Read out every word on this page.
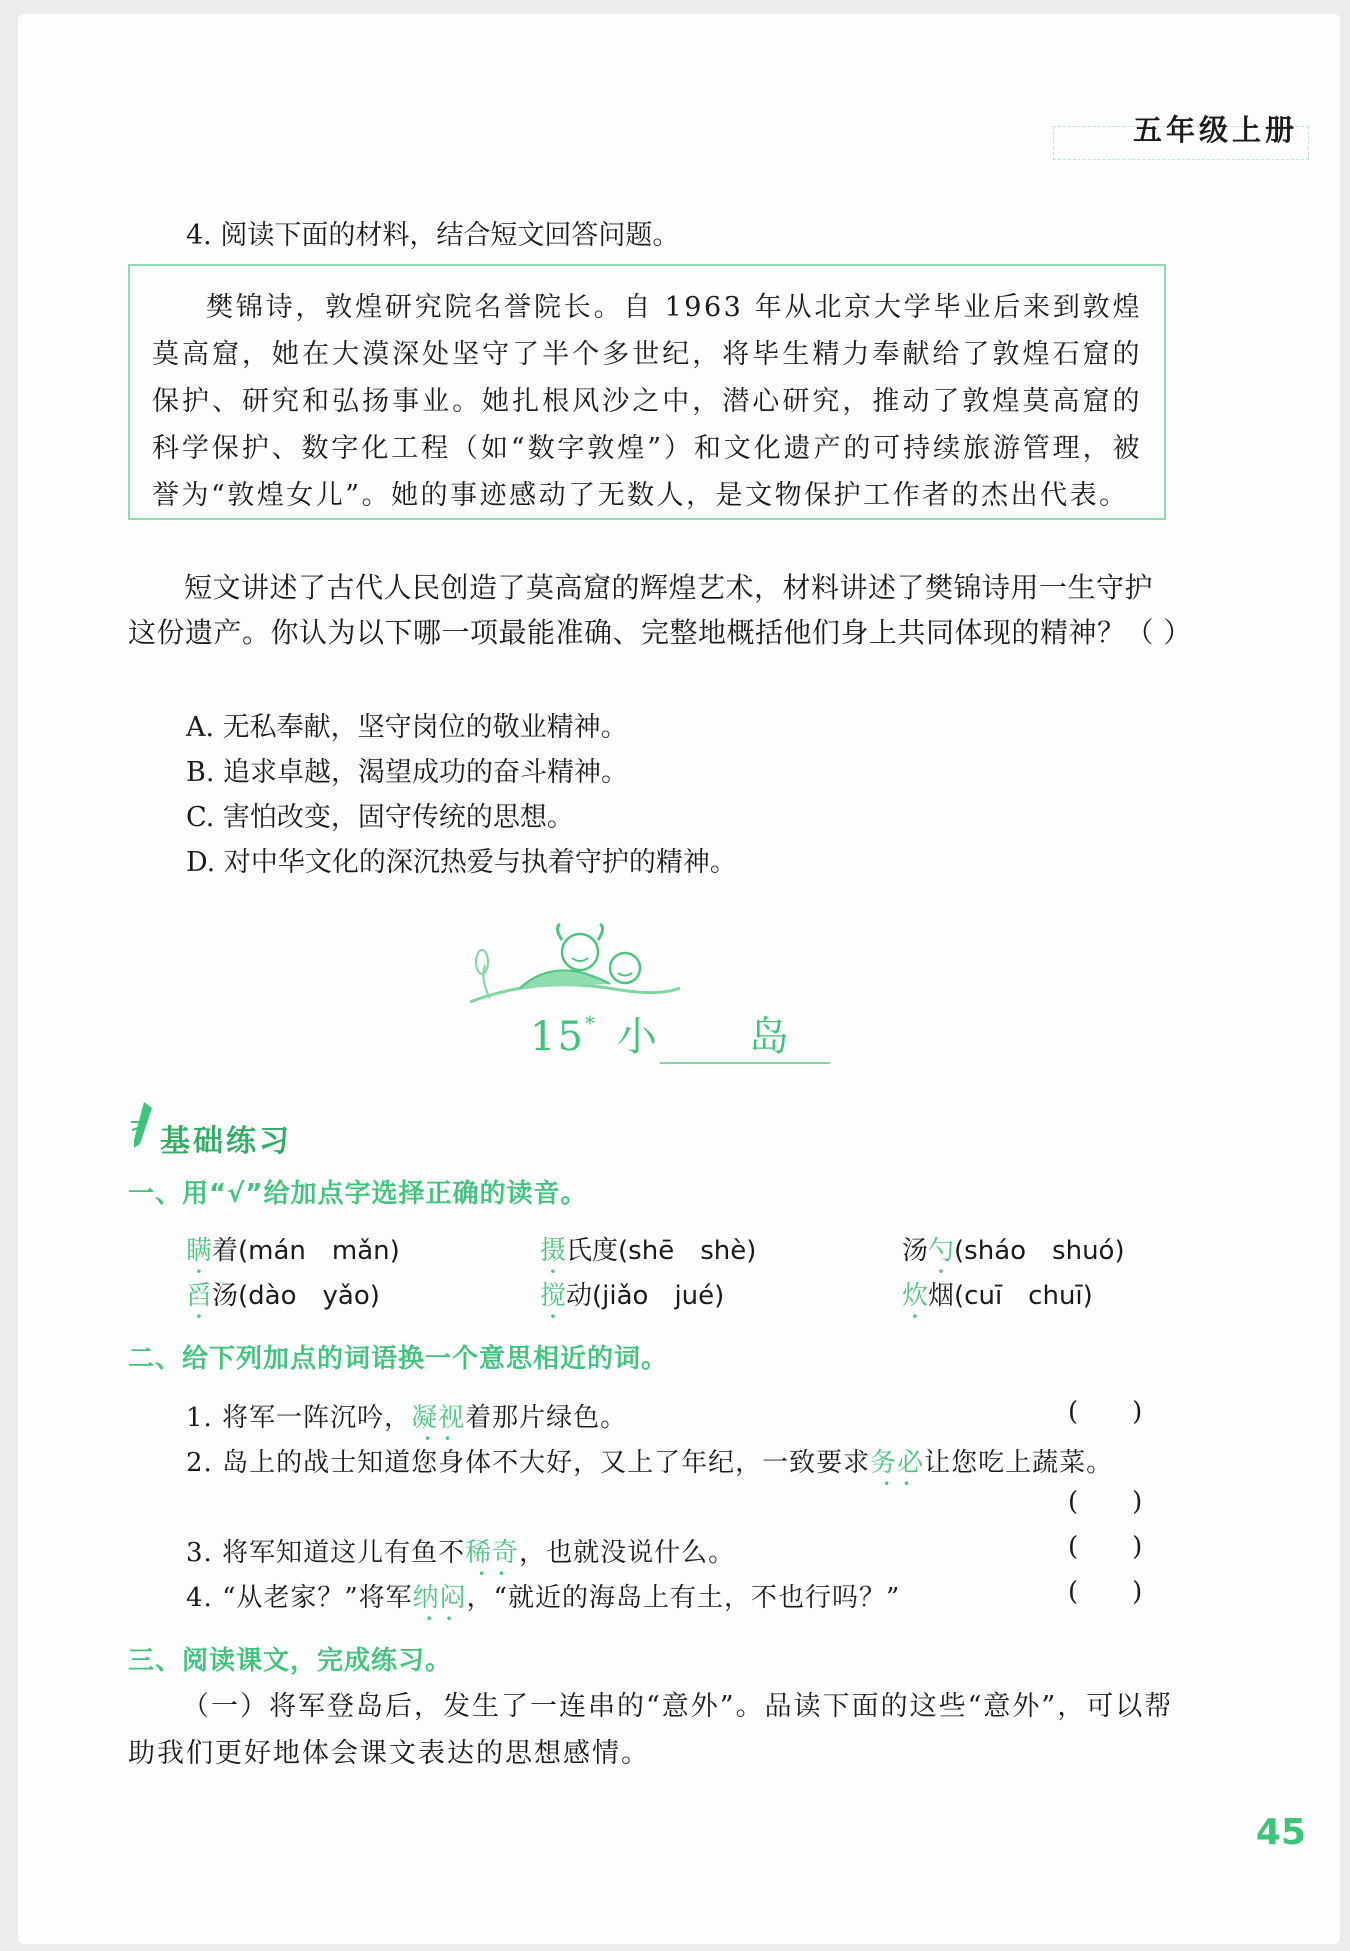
五年级上册
4. 阅读下面的材料，结合短文回答问题。

樊锦诗，敦煌研究院名誉院长。自 1963 年从北京大学毕业后来到敦煌莫高窟，她在大漠深处坚守了半个多世纪，将毕生精力奉献给了敦煌石窟的保护、研究和弘扬事业。她扎根风沙之中，潜心研究，推动了敦煌莫高窟的科学保护、数字化工程（如“数字敦煌”）和文化遗产的可持续旅游管理，被誉为“敦煌女儿”。她的事迹感动了无数人，是文物保护工作者的杰出代表。

短文讲述了古代人民创造了莫高窟的辉煌艺术，材料讲述了樊锦诗用一生守护这份遗产。你认为以下哪一项最能准确、完整地概括他们身上共同体现的精神？（ ）
A. 无私奉献，坚守岗位的敬业精神。
B. 追求卓越，渴望成功的奋斗精神。
C. 害怕改变，固守传统的思想。
D. 对中华文化的深沉热爱与执着守护的精神。
15* 小 岛
基础练习
一、用“√”给加点字选择正确的读音。
瞒着(mán　mǎn)	摄氏度(shē　shè)	汤勺(sháo　shuó)
舀汤(dào　yǎo)	搅动(jiǎo　jué)	炊烟(cuī　chuī)
二、给下列加点的词语换一个意思相近的词。
1. 将军一阵沉吟，凝视 · ·着那片绿色。	()
2. 岛上的战士知道您身体不大好，又上了年纪，一致要求务必 · ·让您吃上蔬菜。
()
3. 将军知道这儿有鱼不稀奇 · ·，也就没说什么。	()
4. “从老家？”将军纳闷 · ·，“就近的海岛上有土，不也行吗？”	()
三、阅读课文，完成练习。
（一）将军登岛后，发生了一连串的“意外”。品读下面的这些“意外”，可以帮助我们更好地体会课文表达的思想感情。
45
